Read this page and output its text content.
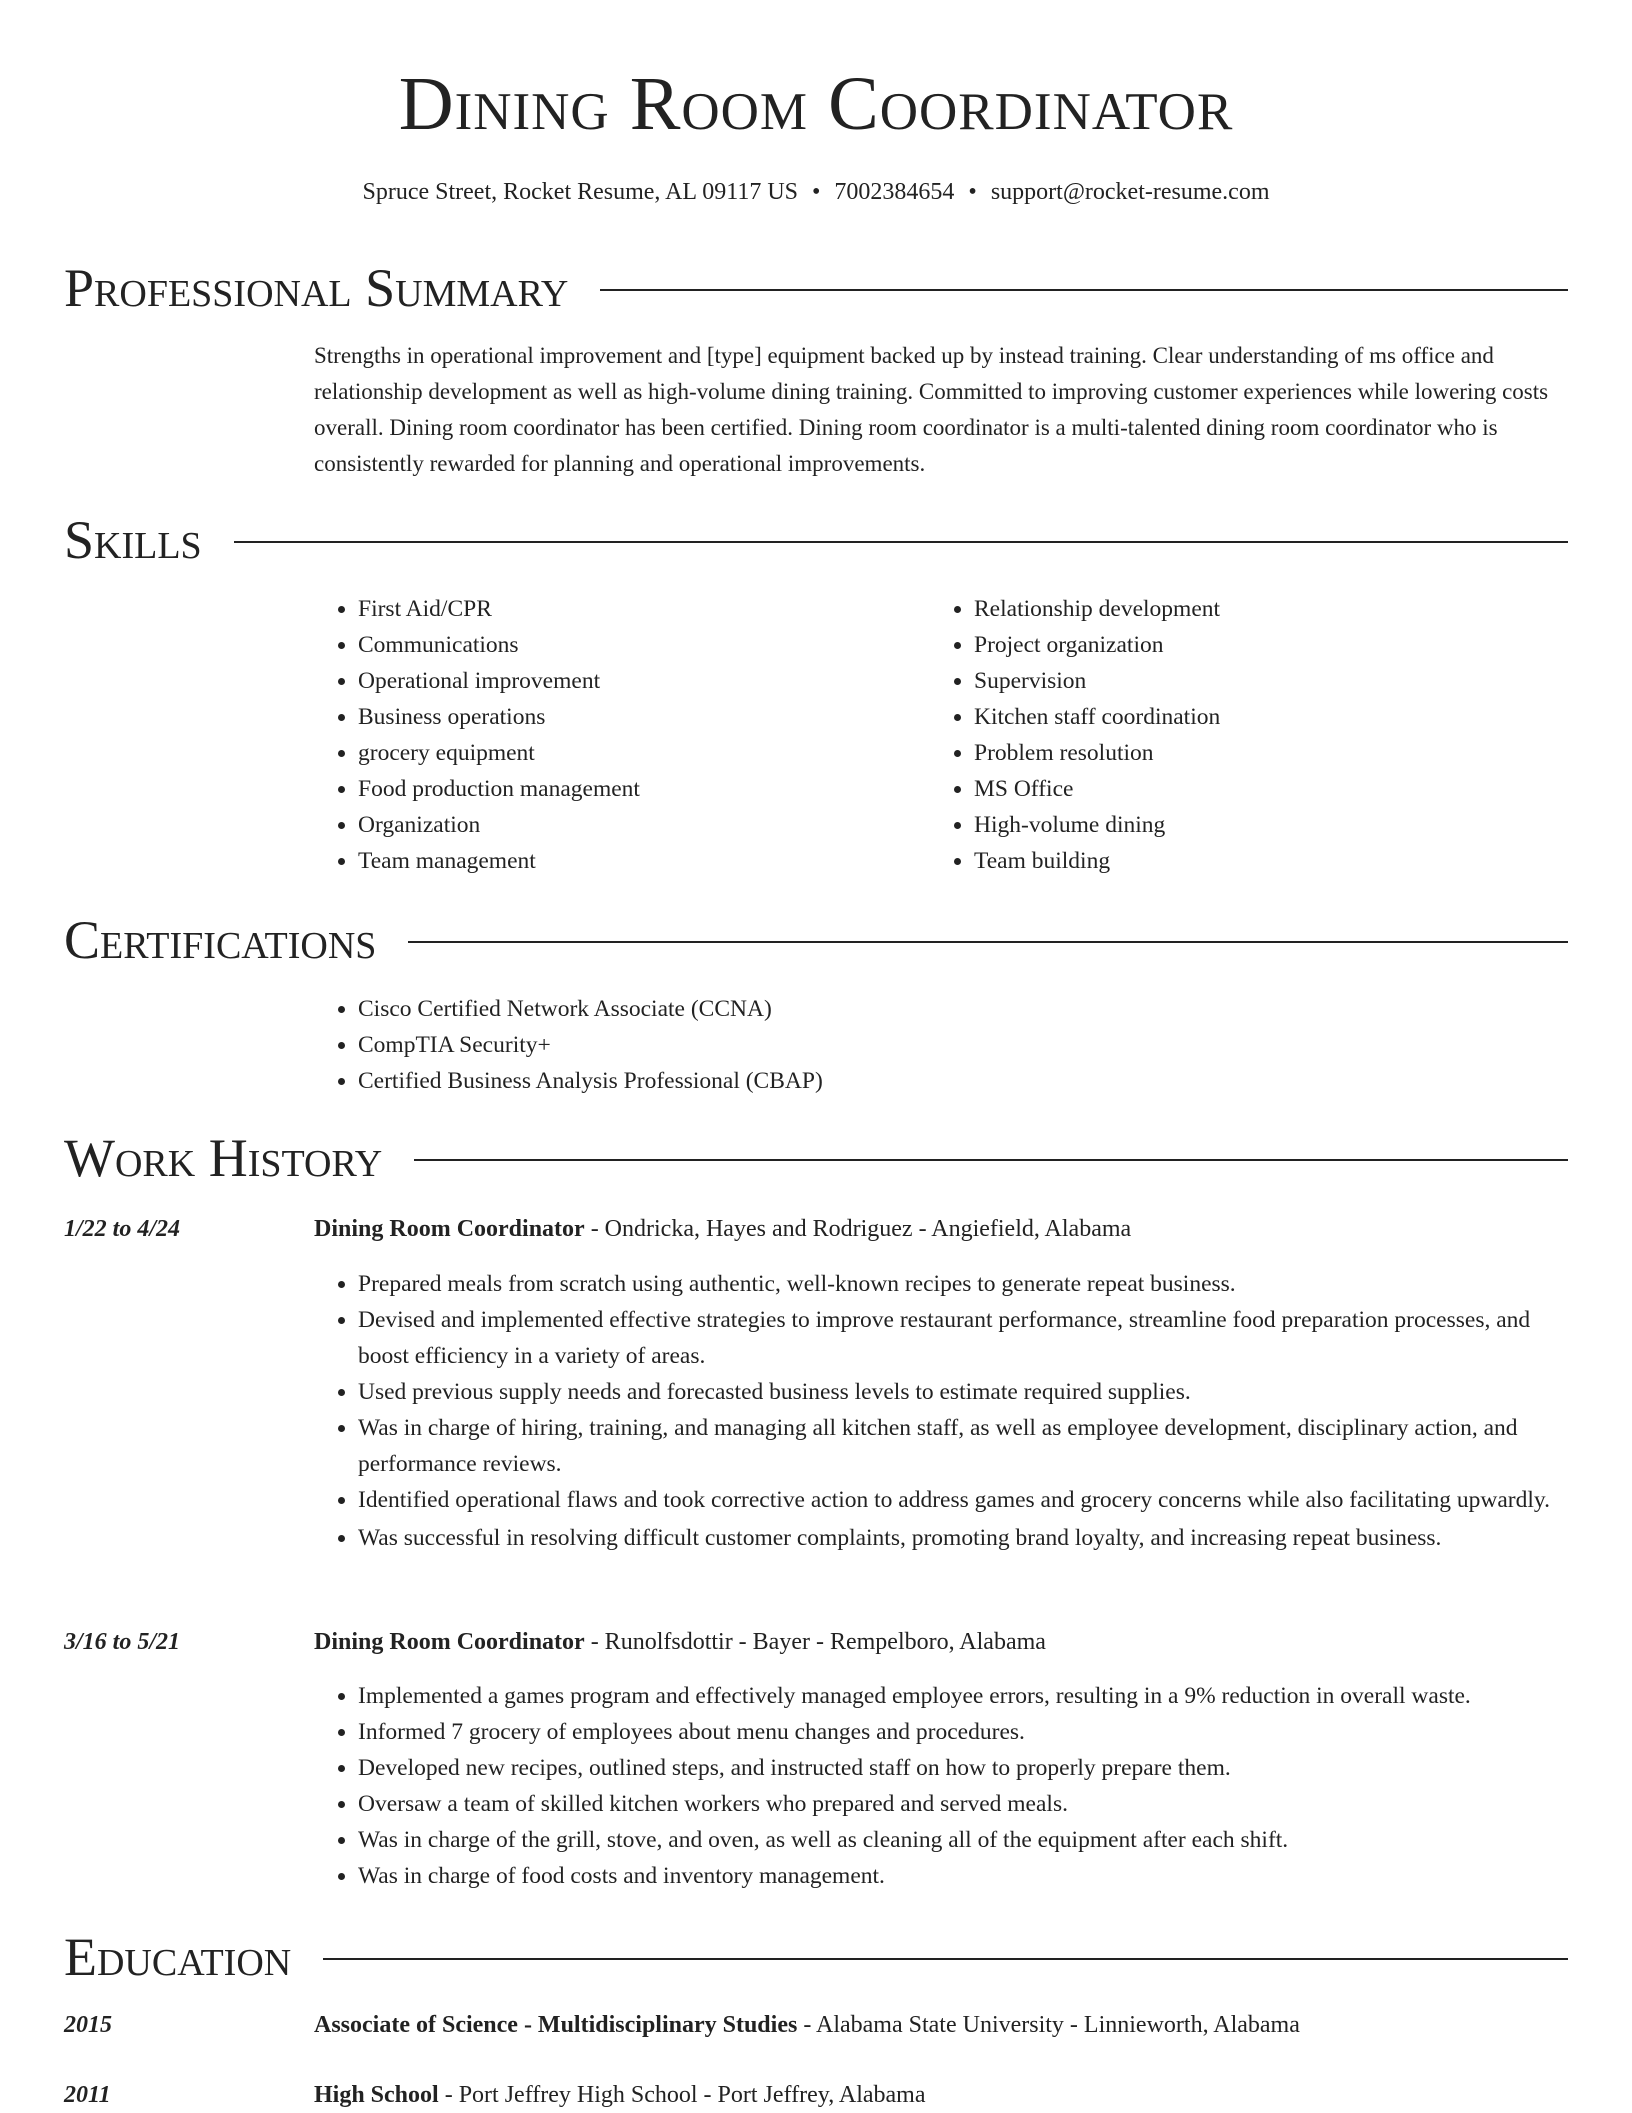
Dining Room Coordinator
Spruce Street, Rocket Resume, AL 09117 US • 7002384654 • support@rocket-resume.com
Professional Summary

Strengths in operational improvement and [type] equipment backed up by instead training. Clear understanding of ms office and relationship development as well as high-volume dining training. Committed to improving customer experiences while lowering costs overall. Dining room coordinator has been certified. Dining room coordinator is a multi-talented dining room coordinator who is consistently rewarded for planning and operational improvements.

Skills
• First Aid/CPR
• Communications
• Operational improvement
• Business operations
• grocery equipment
• Food production management
• Organization
• Team management
• Relationship development
• Project organization
• Supervision
• Kitchen staff coordination
• Problem resolution
• MS Office
• High-volume dining
• Team building
Certifications
• Cisco Certified Network Associate (CCNA)
• CompTIA Security+
• Certified Business Analysis Professional (CBAP)
Work History
1/22 to 4/24	Dining Room Coordinator - Ondricka, Hayes and Rodriguez - Angiefield, Alabama
• Prepared meals from scratch using authentic, well-known recipes to generate repeat business.
• Devised and implemented effective strategies to improve restaurant performance, streamline food preparation processes, and boost efficiency in a variety of areas.
• Used previous supply needs and forecasted business levels to estimate required supplies.
• Was in charge of hiring, training, and managing all kitchen staff, as well as employee development, disciplinary action, and performance reviews.
• Identified operational flaws and took corrective action to address games and grocery concerns while also facilitating upwardly.
• Was successful in resolving difficult customer complaints, promoting brand loyalty, and increasing repeat business.
3/16 to 5/21	Dining Room Coordinator - Runolfsdottir - Bayer - Rempelboro, Alabama
• Implemented a games program and effectively managed employee errors, resulting in a 9% reduction in overall waste.
• Informed 7 grocery of employees about menu changes and procedures.
• Developed new recipes, outlined steps, and instructed staff on how to properly prepare them.
• Oversaw a team of skilled kitchen workers who prepared and served meals.
• Was in charge of the grill, stove, and oven, as well as cleaning all of the equipment after each shift.
• Was in charge of food costs and inventory management.
Education
2015	Associate of Science - Multidisciplinary Studies - Alabama State University - Linnieworth, Alabama
2011	High School - Port Jeffrey High School - Port Jeffrey, Alabama
